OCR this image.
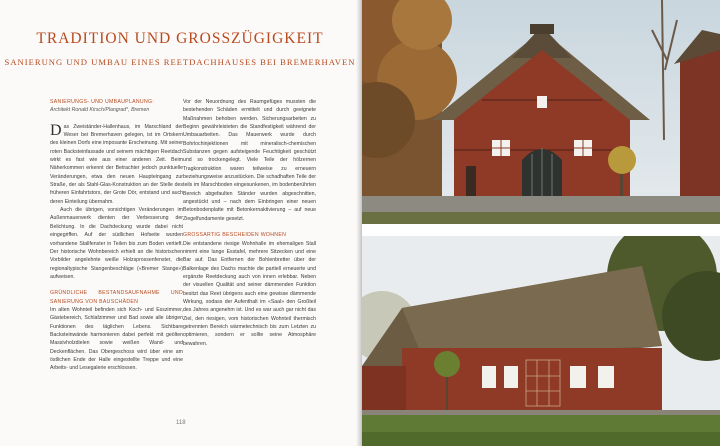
TRADITION UND GROSSZÜGIGKEIT
SANIERUNG UND UMBAU EINES REETDACHHAUSES BEI BREMERHAVEN

SANIERUNGS- UND UMBAUPLANUNG:

Architekt Ronald Kirsch/Plangrad°, Bremen

Das Zweiständer-Hallenhaus, im Marschland der Weser bei Bremerhaven gelegen, ist im Ortskern des kleinen Dorfs eine imposante Erscheinung. Mit seiner roten Backsteinfassade und seinem mächtigen Reetdach wirkt es fast wie aus einer anderen Zeit. Beim Näherkommen erkennt der Betrachter jedoch punktuelle Veränderungen, etwa den neuen Haupteingang zur Straße, der als Stahl-Glas-Konstruktion an der Stelle des früheren Einfahrtstors, der Grote Dör, entstand und auch deren Einteilung übernahm.

Auch die übrigen, vorsichtigen Veränderungen im Außenmauerwerk dienten der Verbesserung der Belichtung. In die Dachdeckung wurde dabei nicht eingegriffen. Auf der südlichen Hofseite wurden vorhandene Stallfenster in Teilen bis zum Boden vertieft. Der historische Wohnbereich erhielt an die historischen Vorbilder angelehnte weiße Holzsprossenfenster, die regionaltypische Stangenbeschläge («Bremer Stange») aufweisen.

GRÜNDLICHE BESTANDSAUFNAHME UND SANIERUNG VON BAUSCHÄDEN

Im alten Wohnteil befinden sich Koch- und Esszimmer, Gästebereich, Schlafzimmer und Bad sowie alle übrigen Funktionen des täglichen Lebens. Sichtbare Backsteinwände harmonieren dabei perfekt mit geölten Massivholzdielen sowie weißen Wand- und Deckenflächen. Das Obergeschoss wird über eine am östlichen Ende der Halle eingestellte Treppe und eine Arbeits- und Lesegalerie erschlossen.

Vor der Neuordnung des Raumgefüges mussten die bestehenden Schäden ermittelt und durch geeignete Maßnahmen behoben werden. Sicherungsarbeiten zu Beginn gewährleisteten die Standfestigkeit während der Umbauarbeiten. Das Mauerwerk wurde durch Bohrlochinjektionen mit mineralisch-chemischen Substanzen gegen aufsteigende Feuchtigkeit geschützt und so trockengelegt. Viele Teile der hölzernen Tragkonstruktion waren teilweise zu erneuern beziehungsweise anzustücken. Die schadhaften Teile der teils im Marschboden eingesunkenen, im bodenberührten Bereich abgefaulten Ständer wurden abgeschnitten, angestückt und – nach dem Einbringen einer neuen Betonbodenplatte mit Betonkernaktivierung – auf neue Ziegelfundamente gesetzt.

GROSSARTIG BESCHEIDEN WOHNEN

Die entstandene riesige Wohnhalle im ehemaligen Stall nimmt eine lange Esstafel, mehrere Sitzecken und eine Bar auf. Das Entfernen der Bohlenbretter über der Balkenlage des Dachs machte die partiell erneuerte und ergänzte Reetdeckung auch von innen erlebbar. Neben der visuellen Qualität und seiner dämmenden Funktion besitzt das Reet übrigens auch eine gewisse dämmende Wirkung, sodass der Aufenthalt im «Saal» den Großteil des Jahres angenehm ist. Und es war auch gar nicht das Ziel, den riesigen, vom historischen Wohnteil thermisch getrennten Bereich wärmetechnisch bis zum Letzten zu optimieren, sondern er sollte seine Atmosphäre bewahren.

118
